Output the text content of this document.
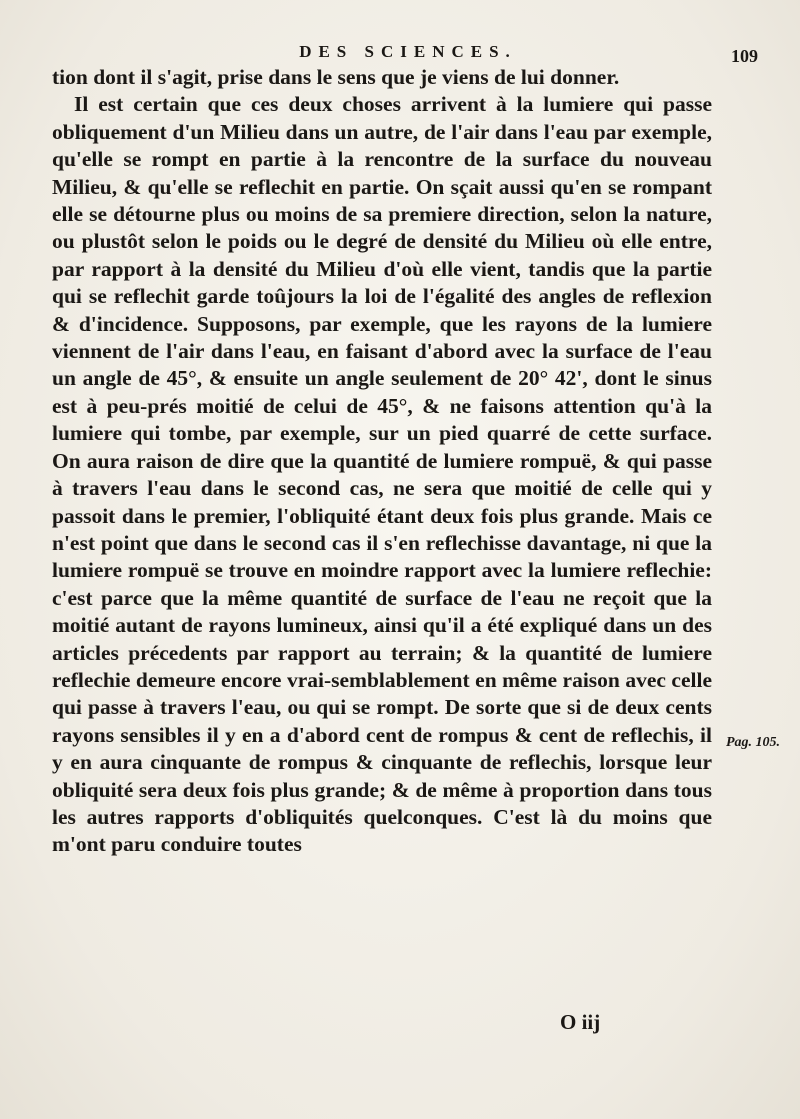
DES SCIENCES.	109

tion dont il s'agit, prise dans le sens que je viens de lui donner.

Il est certain que ces deux choses arrivent à la lumiere qui passe obliquement d'un Milieu dans un autre, de l'air dans l'eau par exemple, qu'elle se rompt en partie à la rencontre de la surface du nouveau Milieu, & qu'elle se reflechit en partie. On sçait aussi qu'en se rompant elle se détourne plus ou moins de sa premiere direction, selon la nature, ou plustôt selon le poids ou le degré de densité du Milieu où elle entre, par rapport à la densité du Milieu d'où elle vient, tandis que la partie qui se reflechit garde toûjours la loi de l'égalité des angles de reflexion & d'incidence. Supposons, par exemple, que les rayons de la lumiere viennent de l'air dans l'eau, en faisant d'abord avec la surface de l'eau un angle de 45°, & ensuite un angle seulement de 20° 42', dont le sinus est à peu-prés moitié de celui de 45°, & ne faisons attention qu'à la lumiere qui tombe, par exemple, sur un pied quarré de cette surface. On aura raison de dire que la quantité de lumiere rompuë, & qui passe à travers l'eau dans le second cas, ne sera que moitié de celle qui y passoit dans le premier, l'obliquité étant deux fois plus grande. Mais ce n'est point que dans le second cas il s'en reflechisse davantage, ni que la lumiere rompuë se trouve en moindre rapport avec la lumiere reflechie: c'est parce que la même quantité de surface de l'eau ne reçoit que la moitié autant de rayons lumineux, ainsi qu'il a été expliqué dans un des articles précedents par rapport au terrain; & la quantité de lumiere reflechie demeure encore vrai-semblablement en même raison avec celle qui passe à travers l'eau, ou qui se rompt. De sorte que si de deux cents rayons sensibles il y en a d'abord cent de rompus & cent de reflechis, il y en aura cinquante de rompus & cinquante de reflechis, lorsque leur obliquité sera deux fois plus grande; & de même à proportion dans tous les autres rapports d'obliquités quelconques. C'est là du moins que m'ont paru conduire toutes

Pag. 105.
O iij
